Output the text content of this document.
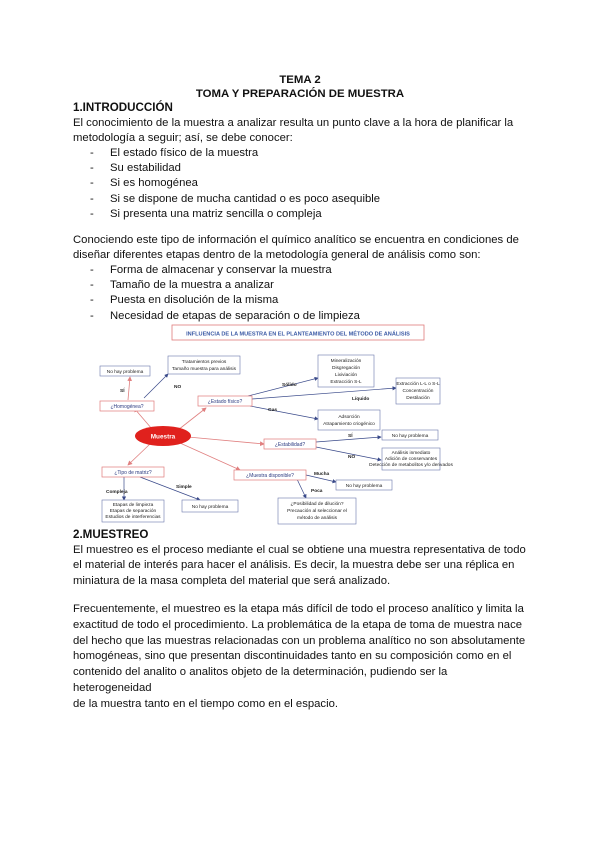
TEMA 2
TOMA Y PREPARACIÓN DE MUESTRA
1.INTRODUCCIÓN
El conocimiento de la muestra a analizar resulta un punto clave a la hora de planificar la
metodología a seguir; así, se debe conocer:
- El estado físico de la muestra
- Su estabilidad
- Si es homogénea
- Si se dispone de mucha cantidad o es poco asequible
- Si presenta una matriz sencilla o compleja
Conociendo este tipo de información el químico analítico se encuentra en condiciones de
diseñar diferentes etapas dentro de la metodología general de análisis como son:
- Forma de almacenar y conservar la muestra
- Tamaño de la muestra a analizar
- Puesta en disolución de la misma
- Necesidad de etapas de separación o de limpieza
INFLUENCIA DE LA MUESTRA EN EL PLANTEAMIENTO DEL MÉTODO DE ANÁLISIS
Muestra
¿Homogénea?
¿Estado físico?
¿Estabilidad?
¿Tipo de matriz?	¿Muestra disponible?
No hay problema
Tratamientos previos
Tamaño muestra para análisis
Mineralización
Disgregación
Lixiviación
Extracción S-L	Extracción L-L o S-L
Concentración
Destilación
Adsorción
Atrapamiento criogénico
No hay problema
Análisis inmediato
Adición de conservantes
Detección de metabolitos y/o derivados
Etapas de limpieza
Etapas de separación
Estudios de interferencias
No hay problema
No hay problema
¿Posibilidad de dilución?
Precaución al seleccionar el
método de análisis
SÍ
NO	Sólido
Líquido
Gas
SÍ
NO
Compleja
Simple
Mucha
Poca
2.MUESTREO
El muestreo es el proceso mediante el cual se obtiene una muestra representativa de todo
el material de interés para hacer el análisis. Es decir, la muestra debe ser una réplica en
miniatura de la masa completa del material que será analizado.
Frecuentemente, el muestreo es la etapa más difícil de todo el proceso analítico y limita la
exactitud de todo el procedimiento. La problemática de la etapa de toma de muestra nace
del hecho que las muestras relacionadas con un problema analítico no son absolutamente
homogéneas, sino que presentan discontinuidades tanto en su composición como en el
contenido del analito o analitos objeto de la determinación, pudiendo ser la heterogeneidad
de la muestra tanto en el tiempo como en el espacio.
